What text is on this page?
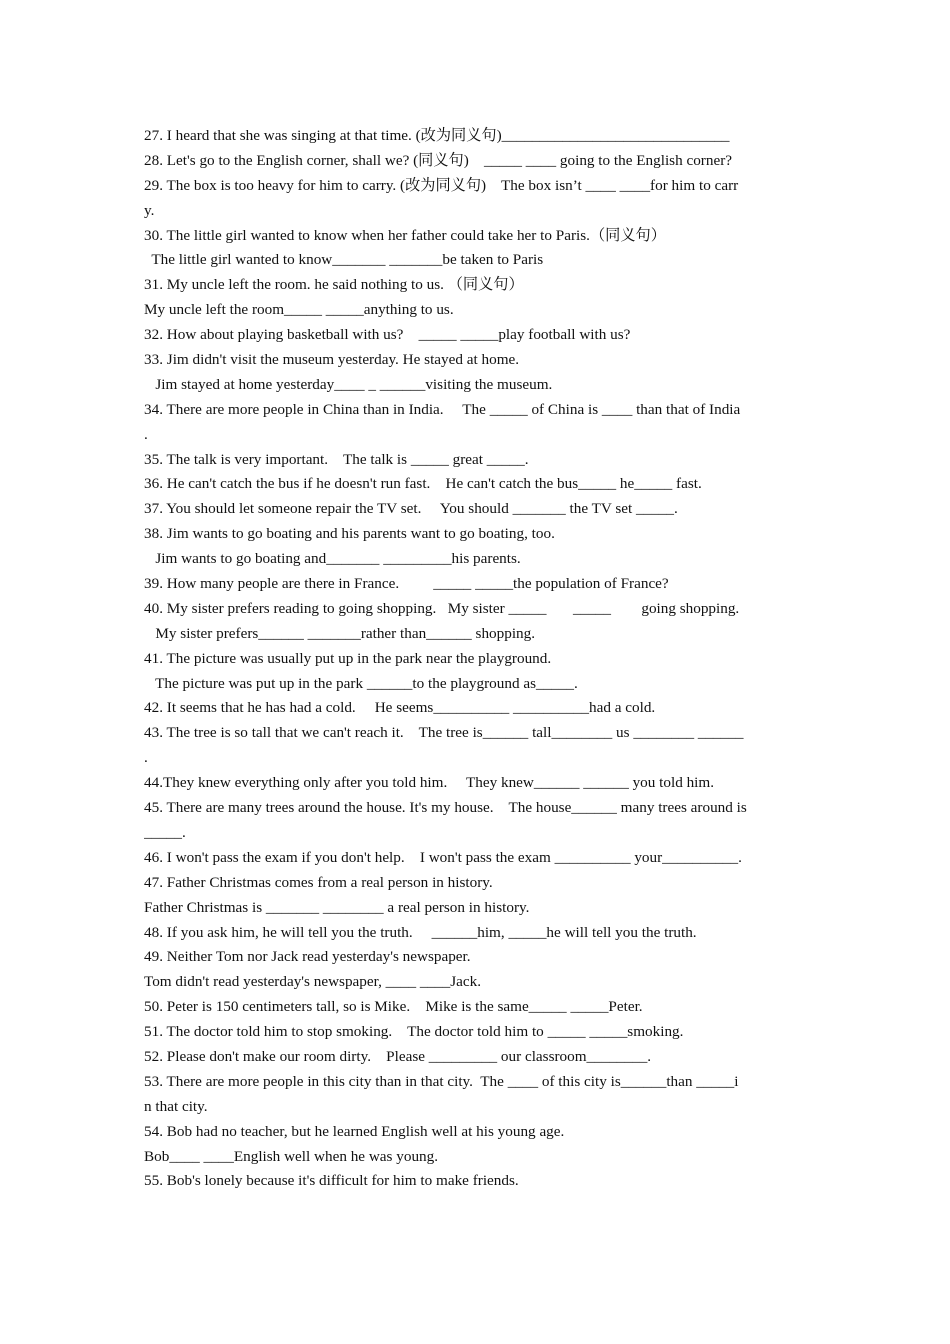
27. I heard that she was singing at that time. (改为同义句)______________________________
28. Let's go to the English corner, shall we? (同义句)    _____ ____ going to the English corner?
29. The box is too heavy for him to carry. (改为同义句)    The box isn’t ____ ____for him to carr
y.
30. The little girl wanted to know when her father could take her to Paris.（同义句）
The little girl wanted to know_______ _______be taken to Paris
31. My uncle left the room. he said nothing to us. （同义句）
My uncle left the room_____ _____anything to us.
32. How about playing basketball with us?    _____ _____play football with us?
33. Jim didn't visit the museum yesterday. He stayed at home.
Jim stayed at home yesterday____ _ ______visiting the museum.
34. There are more people in China than in India.     The _____ of China is ____ than that of India
.
35. The talk is very important.    The talk is _____ great _____.
36. He can't catch the bus if he doesn't run fast.    He can't catch the bus_____ he_____ fast.
37. You should let someone repair the TV set.     You should _______ the TV set _____.
38. Jim wants to go boating and his parents want to go boating, too.
Jim wants to go boating and_______ _________his parents.
39. How many people are there in France.         _____ _____the population of France?
40. My sister prefers reading to going shopping.   My sister _____       _____        going shopping.
My sister prefers______ _______rather than______ shopping.
41. The picture was usually put up in the park near the playground.
The picture was put up in the park ______to the playground as_____.
42. It seems that he has had a cold.     He seems__________ __________had a cold.
43. The tree is so tall that we can't reach it.    The tree is______ tall________ us ________ ______
.
44.They knew everything only after you told him.     They knew______ ______ you told him.
45. There are many trees around the house. It's my house.    The house______ many trees around is
_____.
46. I won't pass the exam if you don't help.    I won't pass the exam __________ your__________.
47. Father Christmas comes from a real person in history.
Father Christmas is _______ ________ a real person in history.
48. If you ask him, he will tell you the truth.     ______him, _____he will tell you the truth.
49. Neither Tom nor Jack read yesterday's newspaper.
Tom didn't read yesterday's newspaper, ____ ____Jack.
50. Peter is 150 centimeters tall, so is Mike.    Mike is the same_____ _____Peter.
51. The doctor told him to stop smoking.    The doctor told him to _____ _____smoking.
52. Please don't make our room dirty.    Please _________ our classroom________.
53. There are more people in this city than in that city.  The ____ of this city is______than _____i
n that city.
54. Bob had no teacher, but he learned English well at his young age.
Bob____ ____English well when he was young.
55. Bob's lonely because it's difficult for him to make friends.
